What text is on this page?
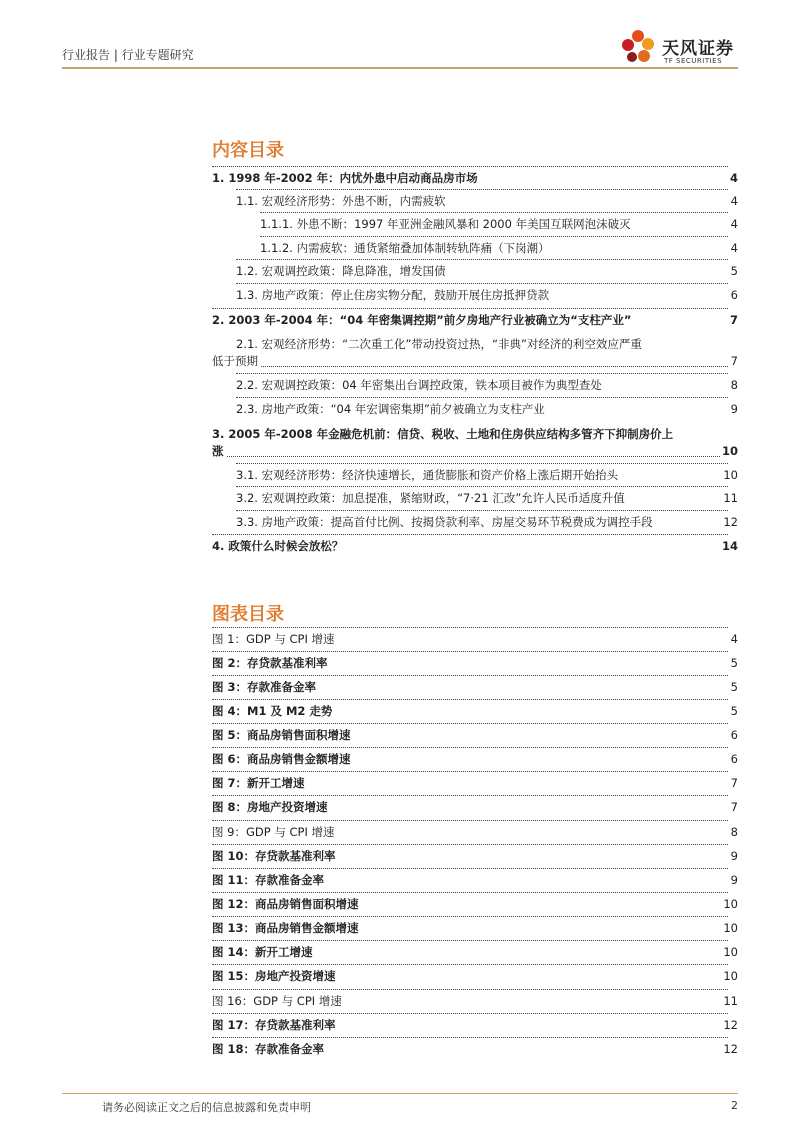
行业报告 | 行业专题研究	天风证券
TF SECURITIES
内容目录
1. 1998 年-2002 年：内忧外患中启动商品房市场	4
1.1. 宏观经济形势：外患不断，内需疲软	4
1.1.1. 外患不断：1997 年亚洲金融风暴和 2000 年美国互联网泡沫破灭	4
1.1.2. 内需疲软：通货紧缩叠加体制转轨阵痛（下岗潮）	4
1.2. 宏观调控政策：降息降准，增发国债	5
1.3. 房地产政策：停止住房实物分配，鼓励开展住房抵押贷款	6
2. 2003 年-2004 年：“04 年密集调控期”前夕房地产行业被确立为“支柱产业”	7
2.1. 宏观经济形势：“二次重工化”带动投资过热，“非典”对经济的利空效应严重
低于预期	7
2.2. 宏观调控政策：04 年密集出台调控政策，铁本项目被作为典型查处	8
2.3. 房地产政策：“04 年宏调密集期”前夕被确立为支柱产业	9
3. 2005 年-2008 年金融危机前：信贷、税收、土地和住房供应结构多管齐下抑制房价上
涨	10
3.1. 宏观经济形势：经济快速增长，通货膨胀和资产价格上涨后期开始抬头	10
3.2. 宏观调控政策：加息提准，紧缩财政，“7·21 汇改”允许人民币适度升值	11
3.3. 房地产政策：提高首付比例、按揭贷款利率、房屋交易环节税费成为调控手段	12
4. 政策什么时候会放松？	14
图表目录
图 1：GDP 与 CPI 增速	4
图 2：存贷款基准利率	5
图 3：存款准备金率	5
图 4：M1 及 M2 走势	5
图 5：商品房销售面积增速	6
图 6：商品房销售金额增速	6
图 7：新开工增速	7
图 8：房地产投资增速	7
图 9：GDP 与 CPI 增速	8
图 10：存贷款基准利率	9
图 11：存款准备金率	9
图 12：商品房销售面积增速	10
图 13：商品房销售金额增速	10
图 14：新开工增速	10
图 15：房地产投资增速	10
图 16：GDP 与 CPI 增速	11
图 17：存贷款基准利率	12
图 18：存款准备金率	12
请务必阅读正文之后的信息披露和免责申明	2
